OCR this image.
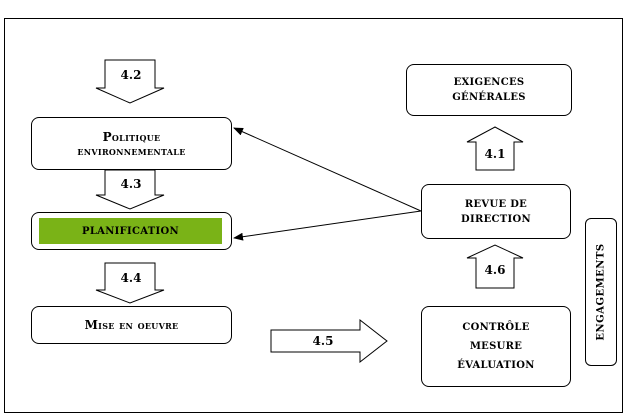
4.2
4.3
4.4
4.5
4.6
4.1
EXIGENCES
GÉNÉRALES
Politique
environnementale
PLANIFICATION
REVUE DE
DIRECTION
Mise en oeuvre	CONTRÔLE
MESURE
ÉVALUATION
ENGAGEMENTS
